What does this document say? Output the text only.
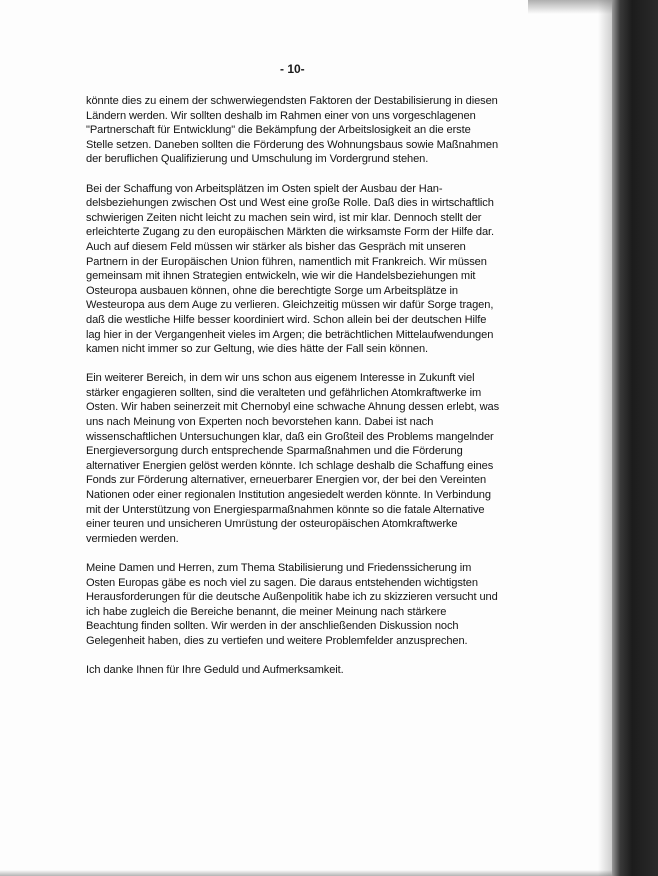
- 10-

könnte dies zu einem der schwerwiegendsten Faktoren der Destabilisierung in diesen
Ländern werden. Wir sollten deshalb im Rahmen einer von uns vorgeschlagenen
"Partnerschaft für Entwicklung" die Bekämpfung der Arbeitslosigkeit an die erste
Stelle setzen. Daneben sollten die Förderung des Wohnungsbaus sowie Maßnahmen
der beruflichen Qualifizierung und Umschulung im Vordergrund stehen.

Bei der Schaffung von Arbeitsplätzen im Osten spielt der Ausbau der Han-
delsbeziehungen zwischen Ost und West eine große Rolle. Daß dies in wirtschaftlich
schwierigen Zeiten nicht leicht zu machen sein wird, ist mir klar. Dennoch stellt der
erleichterte Zugang zu den europäischen Märkten die wirksamste Form der Hilfe dar.
Auch auf diesem Feld müssen wir stärker als bisher das Gespräch mit unseren
Partnern in der Europäischen Union führen, namentlich mit Frankreich. Wir müssen
gemeinsam mit ihnen Strategien entwickeln, wie wir die Handelsbeziehungen mit
Osteuropa ausbauen können, ohne die berechtigte Sorge um Arbeitsplätze in
Westeuropa aus dem Auge zu verlieren. Gleichzeitig müssen wir dafür Sorge tragen,
daß die westliche Hilfe besser koordiniert wird. Schon allein bei der deutschen Hilfe
lag hier in der Vergangenheit vieles im Argen; die beträchtlichen Mittelaufwendungen
kamen nicht immer so zur Geltung, wie dies hätte der Fall sein können.

Ein weiterer Bereich, in dem wir uns schon aus eigenem Interesse in Zukunft viel
stärker engagieren sollten, sind die veralteten und gefährlichen Atomkraftwerke im
Osten. Wir haben seinerzeit mit Chernobyl eine schwache Ahnung dessen erlebt, was
uns nach Meinung von Experten noch bevorstehen kann. Dabei ist nach
wissenschaftlichen Untersuchungen klar, daß ein Großteil des Problems mangelnder
Energieversorgung durch entsprechende Sparmaßnahmen und die Förderung
alternativer Energien gelöst werden könnte. Ich schlage deshalb die Schaffung eines
Fonds zur Förderung alternativer, erneuerbarer Energien vor, der bei den Vereinten
Nationen oder einer regionalen Institution angesiedelt werden könnte. In Verbindung
mit der Unterstützung von Energiesparmaßnahmen könnte so die fatale Alternative
einer teuren und unsicheren Umrüstung der osteuropäischen Atomkraftwerke
vermieden werden.

Meine Damen und Herren, zum Thema Stabilisierung und Friedenssicherung im
Osten Europas gäbe es noch viel zu sagen. Die daraus entstehenden wichtigsten
Herausforderungen für die deutsche Außenpolitik habe ich zu skizzieren versucht und
ich habe zugleich die Bereiche benannt, die meiner Meinung nach stärkere
Beachtung finden sollten. Wir werden in der anschließenden Diskussion noch
Gelegenheit haben, dies zu vertiefen und weitere Problemfelder anzusprechen.

Ich danke Ihnen für Ihre Geduld und Aufmerksamkeit.
